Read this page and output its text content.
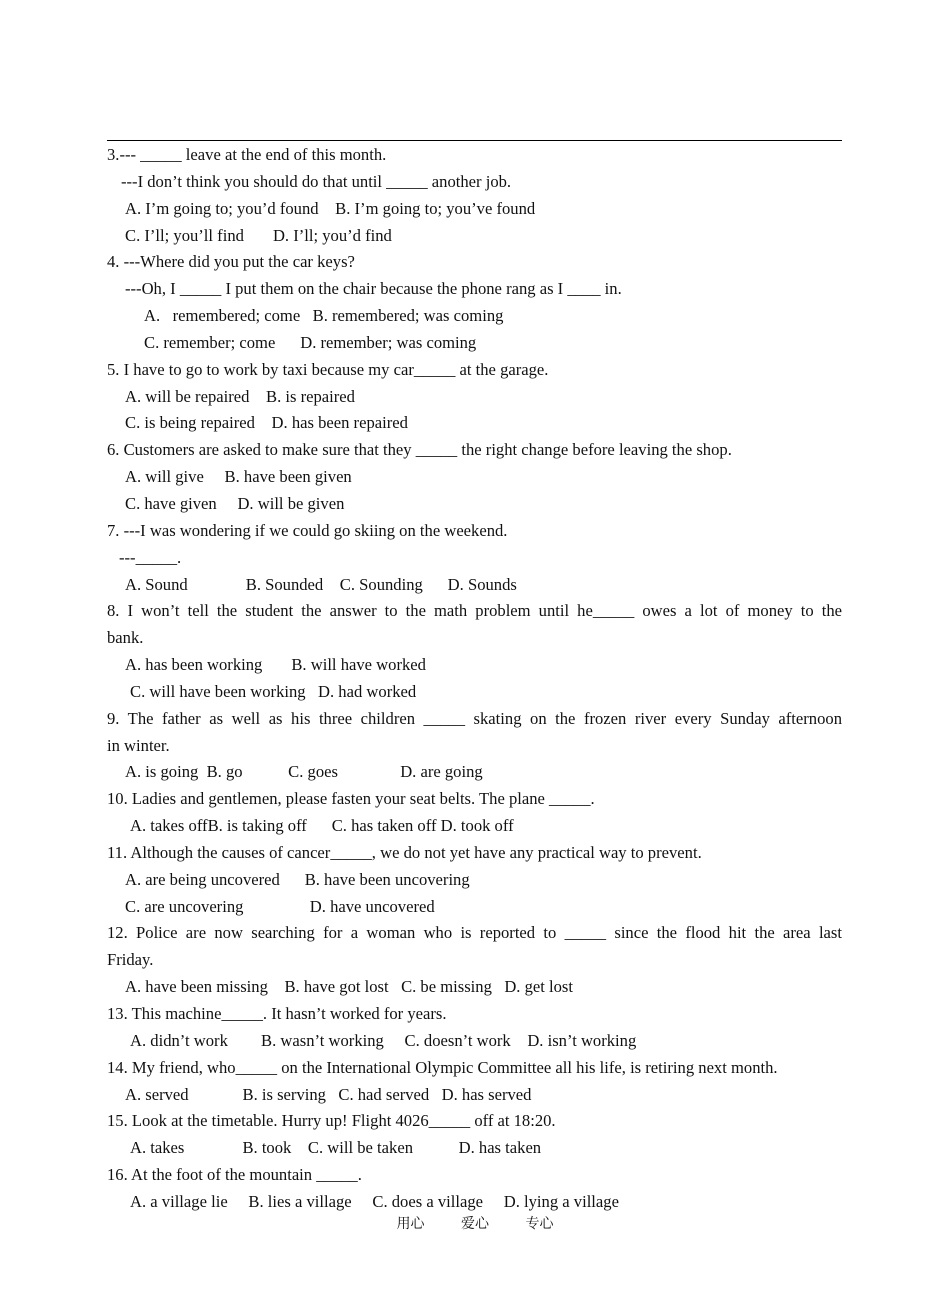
3.--- _____ leave at the end of this month.
---I don’t think you should do that until _____ another job.
A. I’m going to; you’d found    B. I’m going to; you’ve found
C. I’ll; you’ll find       D. I’ll; you’d find
4. ---Where did you put the car keys?
---Oh, I _____ I put them on the chair because the phone rang as I ____ in.
A.   remembered; come   B. remembered; was coming
C. remember; come      D. remember; was coming
5. I have to go to work by taxi because my car_____ at the garage.
A. will be repaired    B. is repaired
C. is being repaired    D. has been repaired
6. Customers are asked to make sure that they _____ the right change before leaving the shop.
A. will give     B. have been given
C. have given     D. will be given
7. ---I was wondering if we could go skiing on the weekend.
---_____.
A. Sound              B. Sounded    C. Sounding      D. Sounds
8. I won’t tell the student the answer to the math problem until he_____ owes a lot of money to the
bank.
A. has been working       B. will have worked
C. will have been working   D. had worked
9. The father as well as his three children _____ skating on the frozen river every Sunday afternoon
in winter.
A. is going  B. go           C. goes               D. are going
10. Ladies and gentlemen, please fasten your seat belts. The plane _____.
A. takes offB. is taking off      C. has taken off D. took off
11. Although the causes of cancer_____, we do not yet have any practical way to prevent.
A. are being uncovered      B. have been uncovering
C. are uncovering                D. have uncovered
12. Police are now searching for a woman who is reported to _____ since the flood hit the area last
Friday.
A. have been missing    B. have got lost   C. be missing   D. get lost
13. This machine_____. It hasn’t worked for years.
A. didn’t work        B. wasn’t working     C. doesn’t work    D. isn’t working
14. My friend, who_____ on the International Olympic Committee all his life, is retiring next month.
A. served             B. is serving   C. had served   D. has served
15. Look at the timetable. Hurry up! Flight 4026_____ off at 18:20.
A. takes              B. took    C. will be taken           D. has taken
16. At the foot of the mountain _____.
A. a village lie     B. lies a village     C. does a village     D. lying a village
用心	爱心	专心
